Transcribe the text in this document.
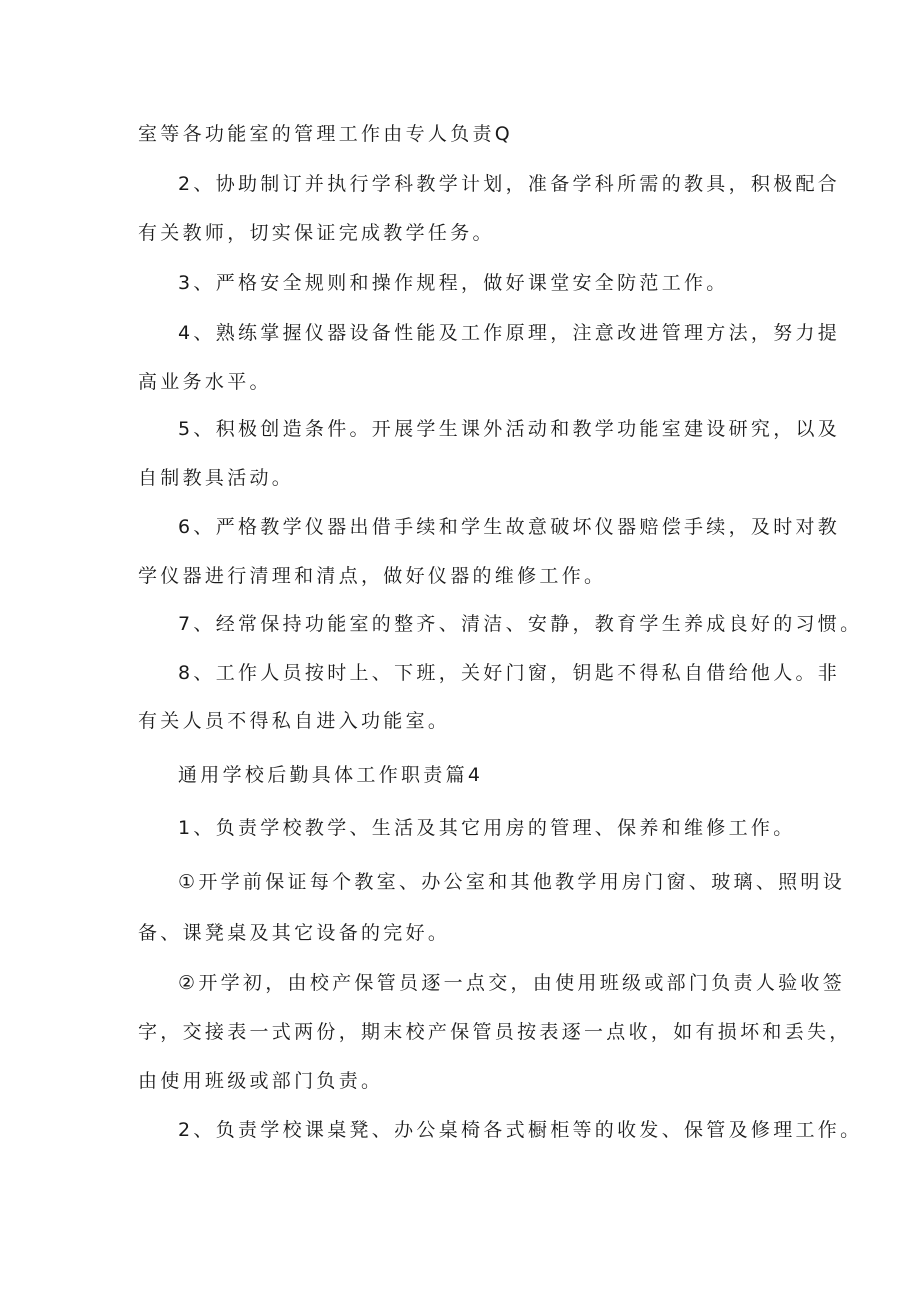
室等各功能室的管理工作由专人负责Q
2、协助制订并执行学科教学计划，准备学科所需的教具，积极配合
有关教师，切实保证完成教学任务。
3、严格安全规则和操作规程，做好课堂安全防范工作。
4、熟练掌握仪器设备性能及工作原理，注意改进管理方法，努力提
高业务水平。
5、积极创造条件。开展学生课外活动和教学功能室建设研究，以及
自制教具活动。
6、严格教学仪器出借手续和学生故意破坏仪器赔偿手续，及时对教
学仪器进行清理和清点，做好仪器的维修工作。
7、经常保持功能室的整齐、清洁、安静，教育学生养成良好的习惯。
8、工作人员按时上、下班，关好门窗，钥匙不得私自借给他人。非
有关人员不得私自进入功能室。
通用学校后勤具体工作职责篇4
1、负责学校教学、生活及其它用房的管理、保养和维修工作。
①开学前保证每个教室、办公室和其他教学用房门窗、玻璃、照明设
备、课凳桌及其它设备的完好。
②开学初，由校产保管员逐一点交，由使用班级或部门负责人验收签
字，交接表一式两份，期末校产保管员按表逐一点收，如有损坏和丢失，
由使用班级或部门负责。
2、负责学校课桌凳、办公桌椅各式橱柜等的收发、保管及修理工作。
